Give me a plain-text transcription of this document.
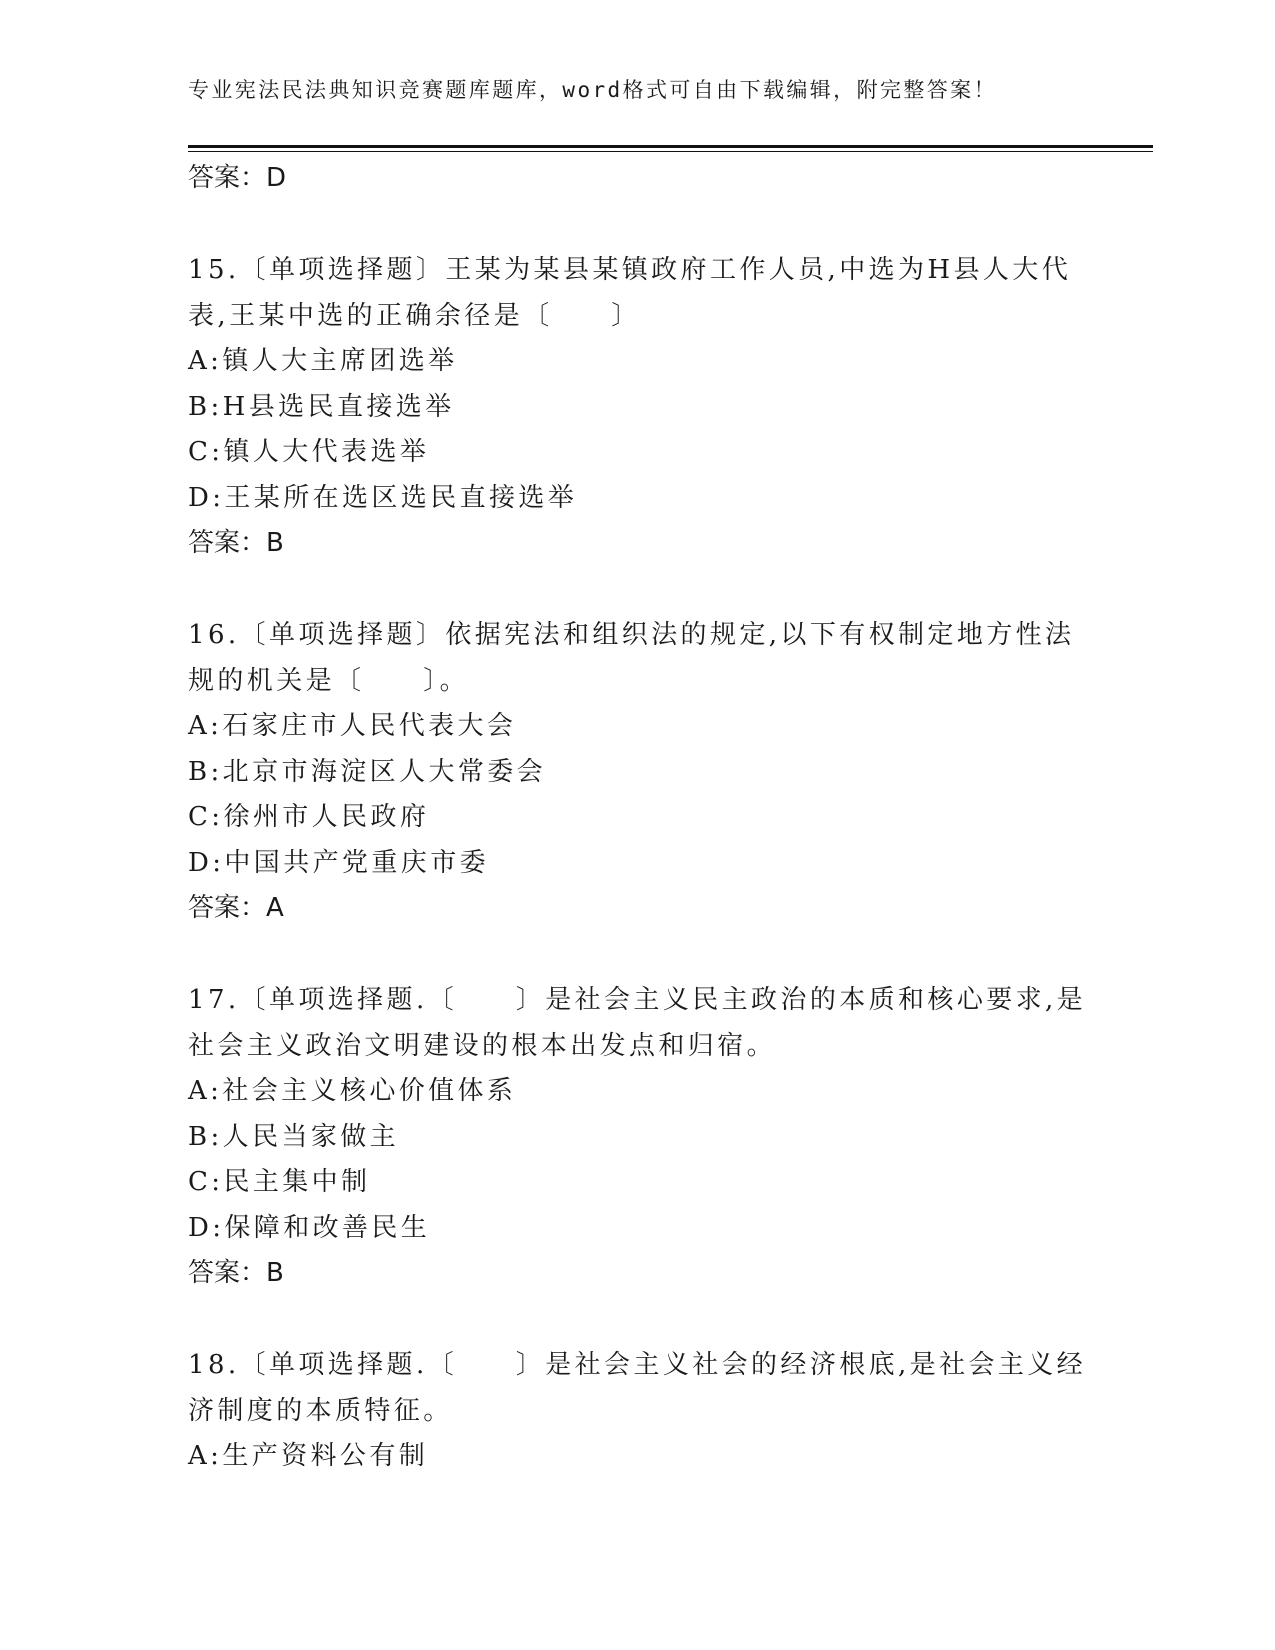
专业宪法民法典知识竞赛题库题库，word格式可自由下载编辑，附完整答案！
答案：D
15.〔单项选择题〕王某为某县某镇政府工作人员,中选为H县人大代
表,王某中选的正确余径是〔　　〕
A:镇人大主席团选举
B:H县选民直接选举
C:镇人大代表选举
D:王某所在选区选民直接选举
答案：B
16.〔单项选择题〕依据宪法和组织法的规定,以下有权制定地方性法
规的机关是〔　　〕。
A:石家庄市人民代表大会
B:北京市海淀区人大常委会
C:徐州市人民政府
D:中国共产党重庆市委
答案：A
17.〔单项选择题.〔　　〕是社会主义民主政治的本质和核心要求,是
社会主义政治文明建设的根本出发点和归宿。
A:社会主义核心价值体系
B:人民当家做主
C:民主集中制
D:保障和改善民生
答案：B
18.〔单项选择题.〔　　〕是社会主义社会的经济根底,是社会主义经
济制度的本质特征。
A:生产资料公有制
